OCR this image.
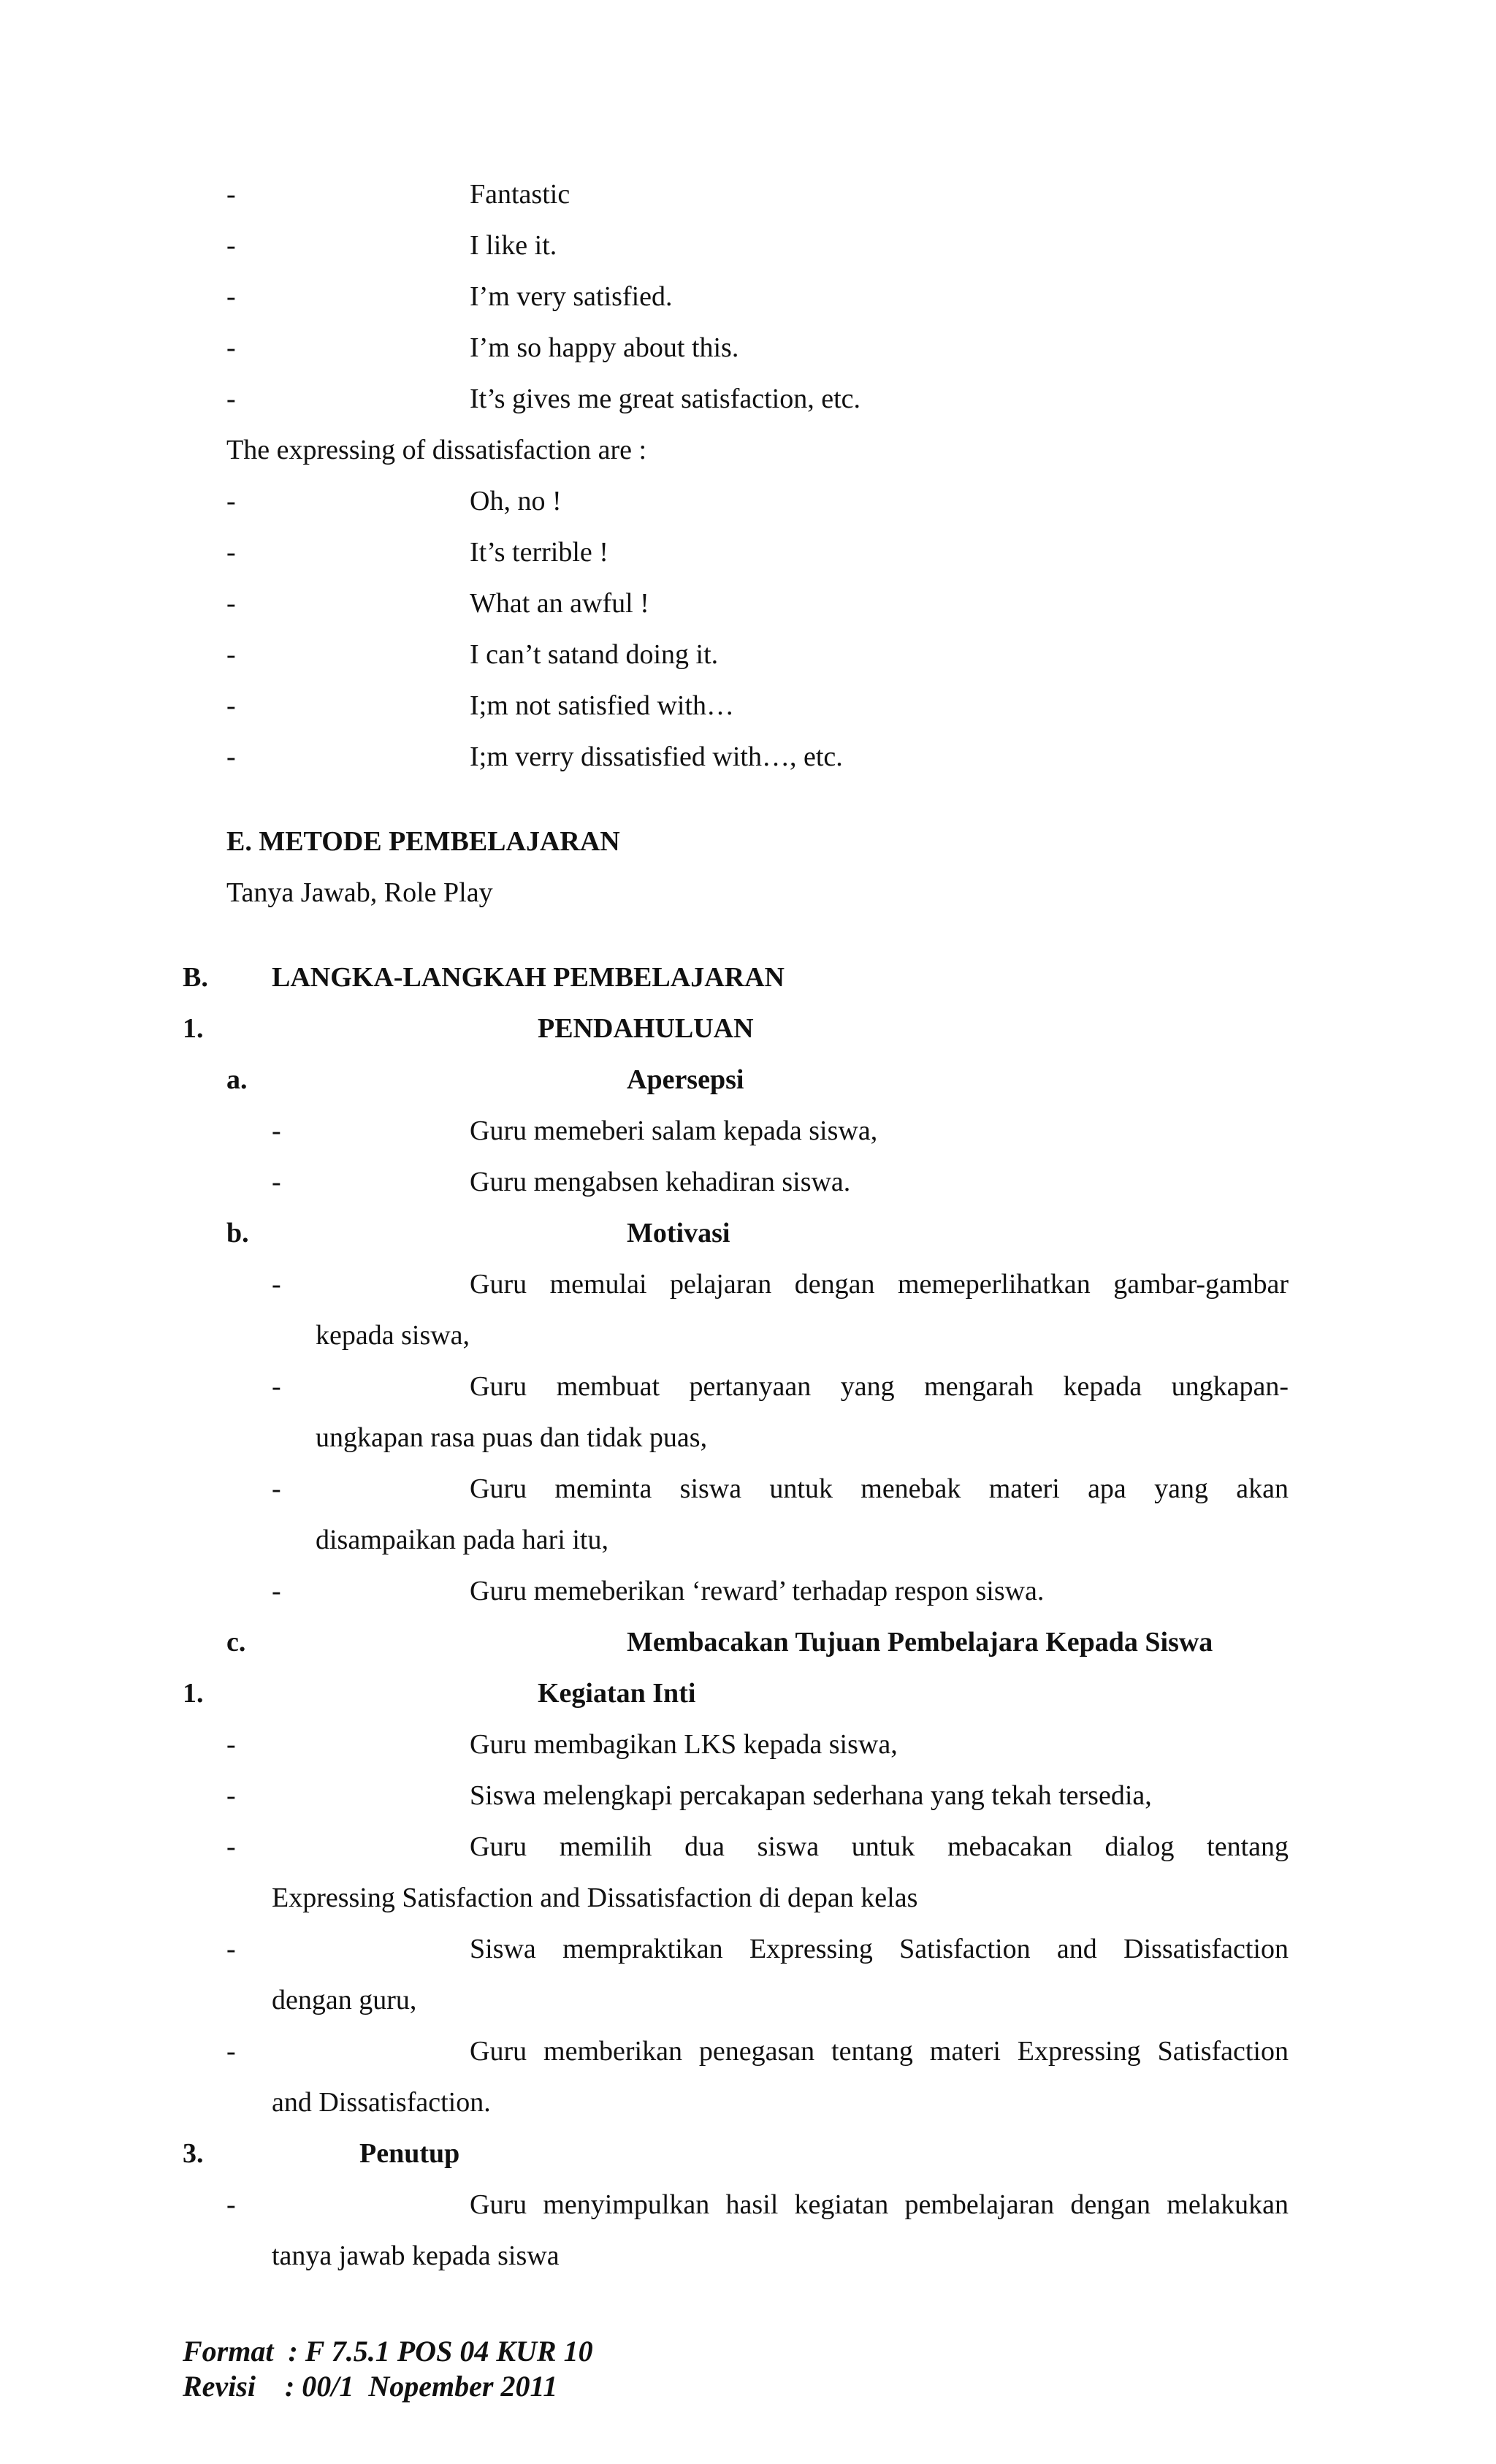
-	Fantastic
-	I like it.
-	I’m very satisfied.
-	I’m so happy about this.
-	It’s gives me great satisfaction, etc.
The expressing of dissatisfaction are :
-	Oh, no !
-	It’s terrible !
-	What an awful !
-	I can’t satand doing it.
-	I;m not satisfied with…
-	I;m verry dissatisfied with…, etc.
E. METODE PEMBELAJARAN
Tanya Jawab, Role Play
B. LANGKA-LANGKAH PEMBELAJARAN
1.	PENDAHULUAN
a.	Apersepsi
-	Guru memeberi salam kepada siswa,
-	Guru mengabsen kehadiran siswa.
b.	Motivasi
-	Guru memulai pelajaran dengan memeperlihatkan gambar-gambar
kepada siswa,
-	Guru membuat pertanyaan yang mengarah kepada ungkapan-
ungkapan rasa puas dan tidak puas,
-	Guru meminta siswa untuk menebak materi apa yang akan
disampaikan pada hari itu,
-	Guru memeberikan ‘reward’ terhadap respon siswa.
c.	Membacakan Tujuan Pembelajara Kepada Siswa
1.	Kegiatan Inti
-	Guru membagikan LKS kepada siswa,
-	Siswa melengkapi percakapan sederhana yang tekah tersedia,
-	Guru memilih dua siswa untuk mebacakan dialog tentang
Expressing Satisfaction and Dissatisfaction di depan kelas
-	Siswa mempraktikan Expressing Satisfaction and Dissatisfaction
dengan guru,
-	Guru memberikan penegasan tentang materi Expressing Satisfaction
and Dissatisfaction.
3.	Penutup
-	Guru menyimpulkan hasil kegiatan pembelajaran dengan melakukan
tanya jawab kepada siswa
Format  : F 7.5.1 POS 04 KUR 10
Revisi    : 00/1  Nopember 2011
